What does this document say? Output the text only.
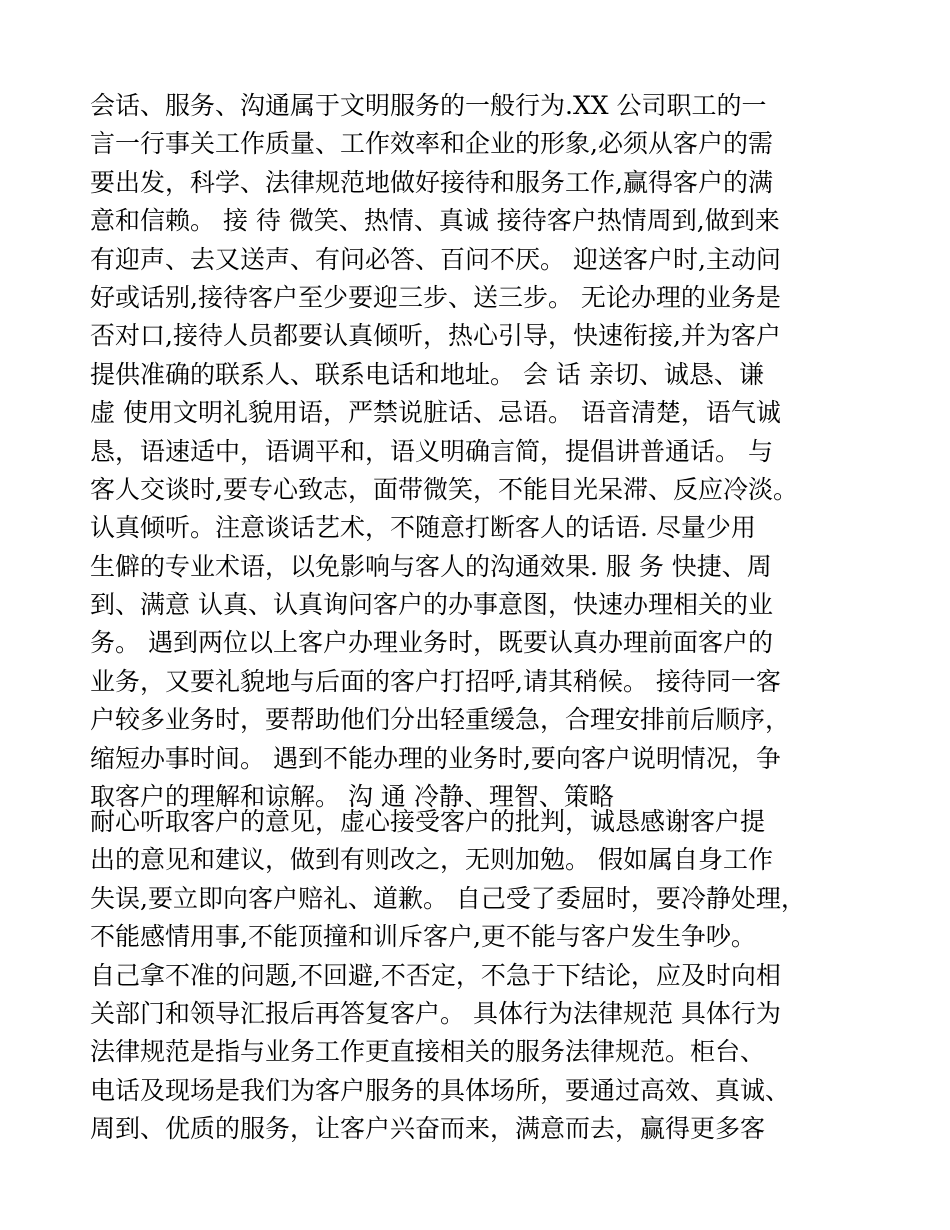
会话、服务、沟通属于文明服务的一般行为.XX 公司职工的一
言一行事关工作质量、工作效率和企业的形象,必须从客户的需
要出发，科学、法律规范地做好接待和服务工作,赢得客户的满
意和信赖。 接 待 微笑、热情、真诚 接待客户热情周到,做到来
有迎声、去又送声、有问必答、百问不厌。 迎送客户时,主动问
好或话别,接待客户至少要迎三步、送三步。 无论办理的业务是
否对口,接待人员都要认真倾听，热心引导，快速衔接,并为客户
提供准确的联系人、联系电话和地址。 会 话 亲切、诚恳、谦
虚 使用文明礼貌用语，严禁说脏话、忌语。 语音清楚，语气诚
恳，语速适中，语调平和，语义明确言简，提倡讲普通话。 与
客人交谈时,要专心致志，面带微笑，不能目光呆滞、反应冷淡。
认真倾听。注意谈话艺术，不随意打断客人的话语. 尽量少用
生僻的专业术语，以免影响与客人的沟通效果. 服 务 快捷、周
到、满意 认真、认真询问客户的办事意图，快速办理相关的业
务。 遇到两位以上客户办理业务时，既要认真办理前面客户的
业务，又要礼貌地与后面的客户打招呼,请其稍候。 接待同一客
户较多业务时，要帮助他们分出轻重缓急，合理安排前后顺序，
缩短办事时间。 遇到不能办理的业务时,要向客户说明情况，争
取客户的理解和谅解。 沟 通 冷静、理智、策略
耐心听取客户的意见，虚心接受客户的批判，诚恳感谢客户提
出的意见和建议，做到有则改之，无则加勉。 假如属自身工作
失误,要立即向客户赔礼、道歉。 自己受了委屈时，要冷静处理，
不能感情用事,不能顶撞和训斥客户,更不能与客户发生争吵。
自己拿不准的问题,不回避,不否定，不急于下结论，应及时向相
关部门和领导汇报后再答复客户。 具体行为法律规范 具体行为
法律规范是指与业务工作更直接相关的服务法律规范。柜台、
电话及现场是我们为客户服务的具体场所，要通过高效、真诚、
周到、优质的服务，让客户兴奋而来，满意而去，赢得更多客
